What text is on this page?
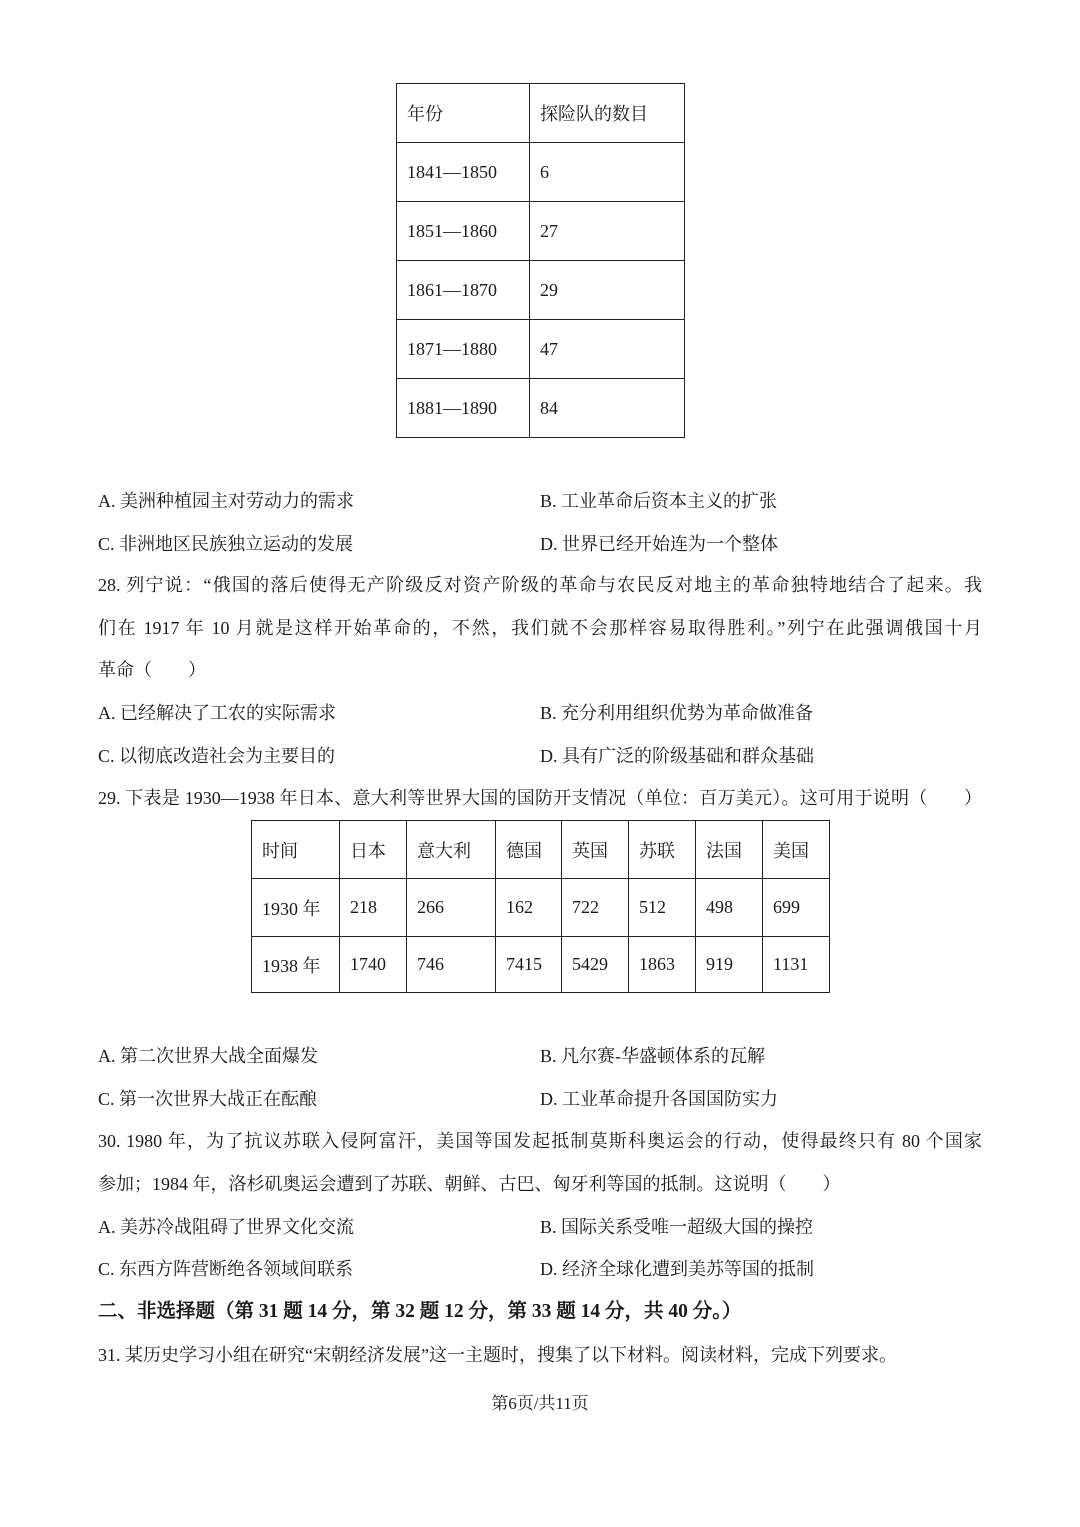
年份	探险队的数目
1841—1850	6
1851—1860	27
1861—1870	29
1871—1880	47
1881—1890	84
A. 美洲种植园主对劳动力的需求	B. 工业革命后资本主义的扩张
C. 非洲地区民族独立运动的发展	D. 世界已经开始连为一个整体
28. 列宁说：“俄国的落后使得无产阶级反对资产阶级的革命与农民反对地主的革命独特地结合了起来。我
们在 1917 年 10 月就是这样开始革命的，不然，我们就不会那样容易取得胜利。”列宁在此强调俄国十月
革命（　　）
A. 已经解决了工农的实际需求	B. 充分利用组织优势为革命做准备
C. 以彻底改造社会为主要目的	D. 具有广泛的阶级基础和群众基础
29. 下表是 1930—1938 年日本、意大利等世界大国的国防开支情况（单位：百万美元）。这可用于说明（　　）
时间	日本	意大利	德国	英国	苏联	法国	美国
1930 年	218	266	162	722	512	498	699
1938 年	1740	746	7415	5429	1863	919	1131
A. 第二次世界大战全面爆发	B. 凡尔赛-华盛顿体系的瓦解
C. 第一次世界大战正在酝酿	D. 工业革命提升各国国防实力
30. 1980 年，为了抗议苏联入侵阿富汗，美国等国发起抵制莫斯科奥运会的行动，使得最终只有 80 个国家
参加；1984 年，洛杉矶奥运会遭到了苏联、朝鲜、古巴、匈牙利等国的抵制。这说明（　　）
A. 美苏冷战阻碍了世界文化交流	B. 国际关系受唯一超级大国的操控
C. 东西方阵营断绝各领域间联系	D. 经济全球化遭到美苏等国的抵制
二、非选择题（第 31 题 14 分，第 32 题 12 分，第 33 题 14 分，共 40 分。）
31. 某历史学习小组在研究“宋朝经济发展”这一主题时，搜集了以下材料。阅读材料，完成下列要求。
第6页/共11页
